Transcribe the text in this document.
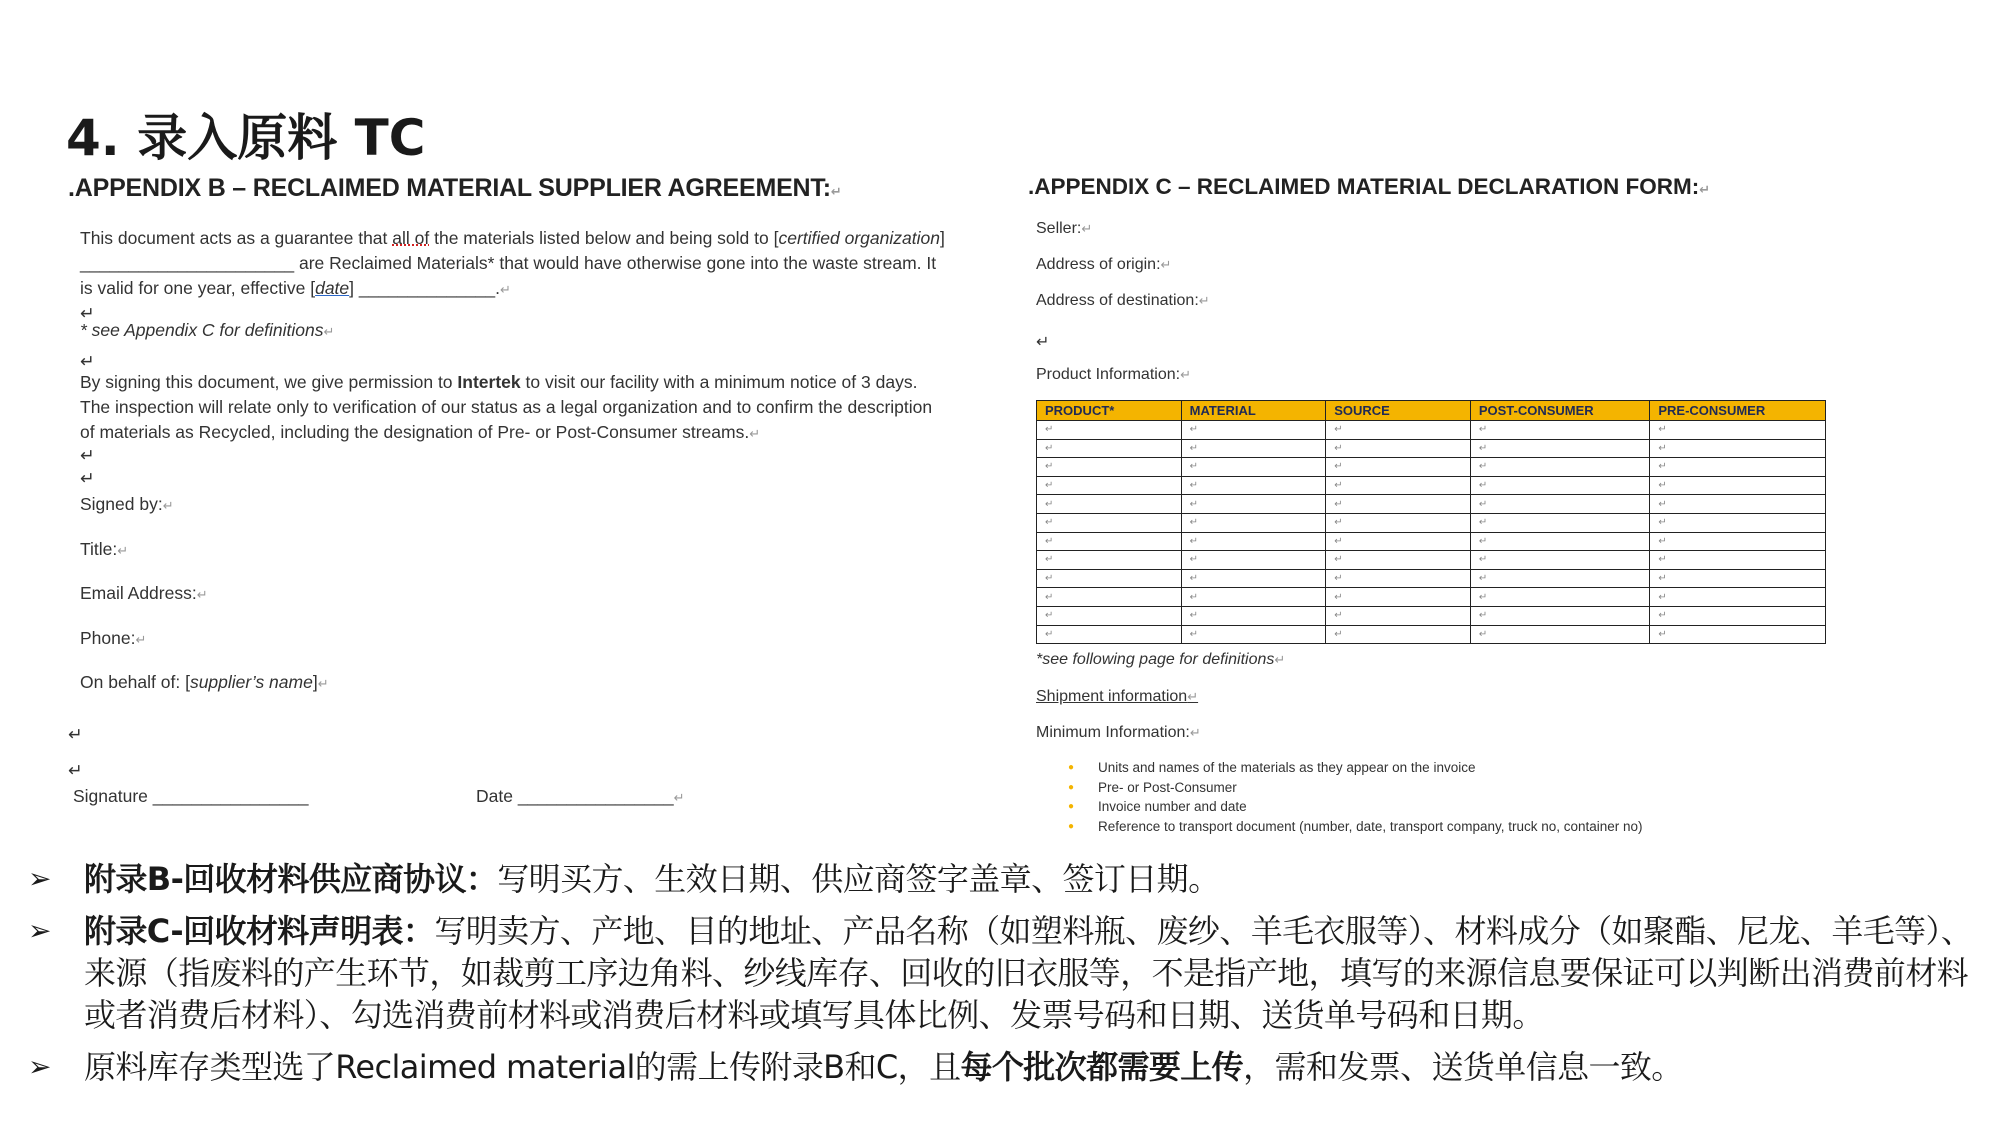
4. 录入原料 TC
.APPENDIX B – RECLAIMED MATERIAL SUPPLIER AGREEMENT:↵
This document acts as a guarantee that all of the materials listed below and being sold to [certified organization] ______________________ are Reclaimed Materials* that would have otherwise gone into the waste stream. It is valid for one year, effective [date] ______________.↵
↵
* see Appendix C for definitions↵
↵
By signing this document, we give permission to Intertek to visit our facility with a minimum notice of 3 days. The inspection will relate only to verification of our status as a legal organization and to confirm the description of materials as Recycled, including the designation of Pre- or Post-Consumer streams.↵
↵
↵
Signed by:↵
Title:↵
Email Address:↵
Phone:↵
On behalf of: [supplier’s name]↵
↵
↵
Signature ________________	Date ________________↵
.APPENDIX C – RECLAIMED MATERIAL DECLARATION FORM:↵
Seller:↵
Address of origin:↵
Address of destination:↵
↵
Product Information:↵
PRODUCT*	MATERIAL	SOURCE	POST-CONSUMER	PRE-CONSUMER
↵	↵	↵	↵	↵
↵	↵	↵	↵	↵
↵	↵	↵	↵	↵
↵	↵	↵	↵	↵
↵	↵	↵	↵	↵
↵	↵	↵	↵	↵
↵	↵	↵	↵	↵
↵	↵	↵	↵	↵
↵	↵	↵	↵	↵
↵	↵	↵	↵	↵
↵	↵	↵	↵	↵
↵	↵	↵	↵	↵
*see following page for definitions↵
Shipment information↵
Minimum Information:↵
● Units and names of the materials as they appear on the invoice
● Pre- or Post-Consumer
● Invoice number and date
● Reference to transport document (number, date, transport company, truck no, container no)
➢ 附录B-回收材料供应商协议：写明买方、生效日期、供应商签字盖章、签订日期。
➢ 附录C-回收材料声明表：写明卖方、产地、目的地址、产品名称（如塑料瓶、废纱、羊毛衣服等）、材料成分（如聚酯、尼龙、羊毛等）、来源（指废料的产生环节，如裁剪工序边角料、纱线库存、回收的旧衣服等，不是指产地，填写的来源信息要保证可以判断出消费前材料或者消费后材料）、勾选消费前材料或消费后材料或填写具体比例、发票号码和日期、送货单号码和日期。
➢ 原料库存类型选了Reclaimed material的需上传附录B和C，且每个批次都需要上传，需和发票、送货单信息一致。
